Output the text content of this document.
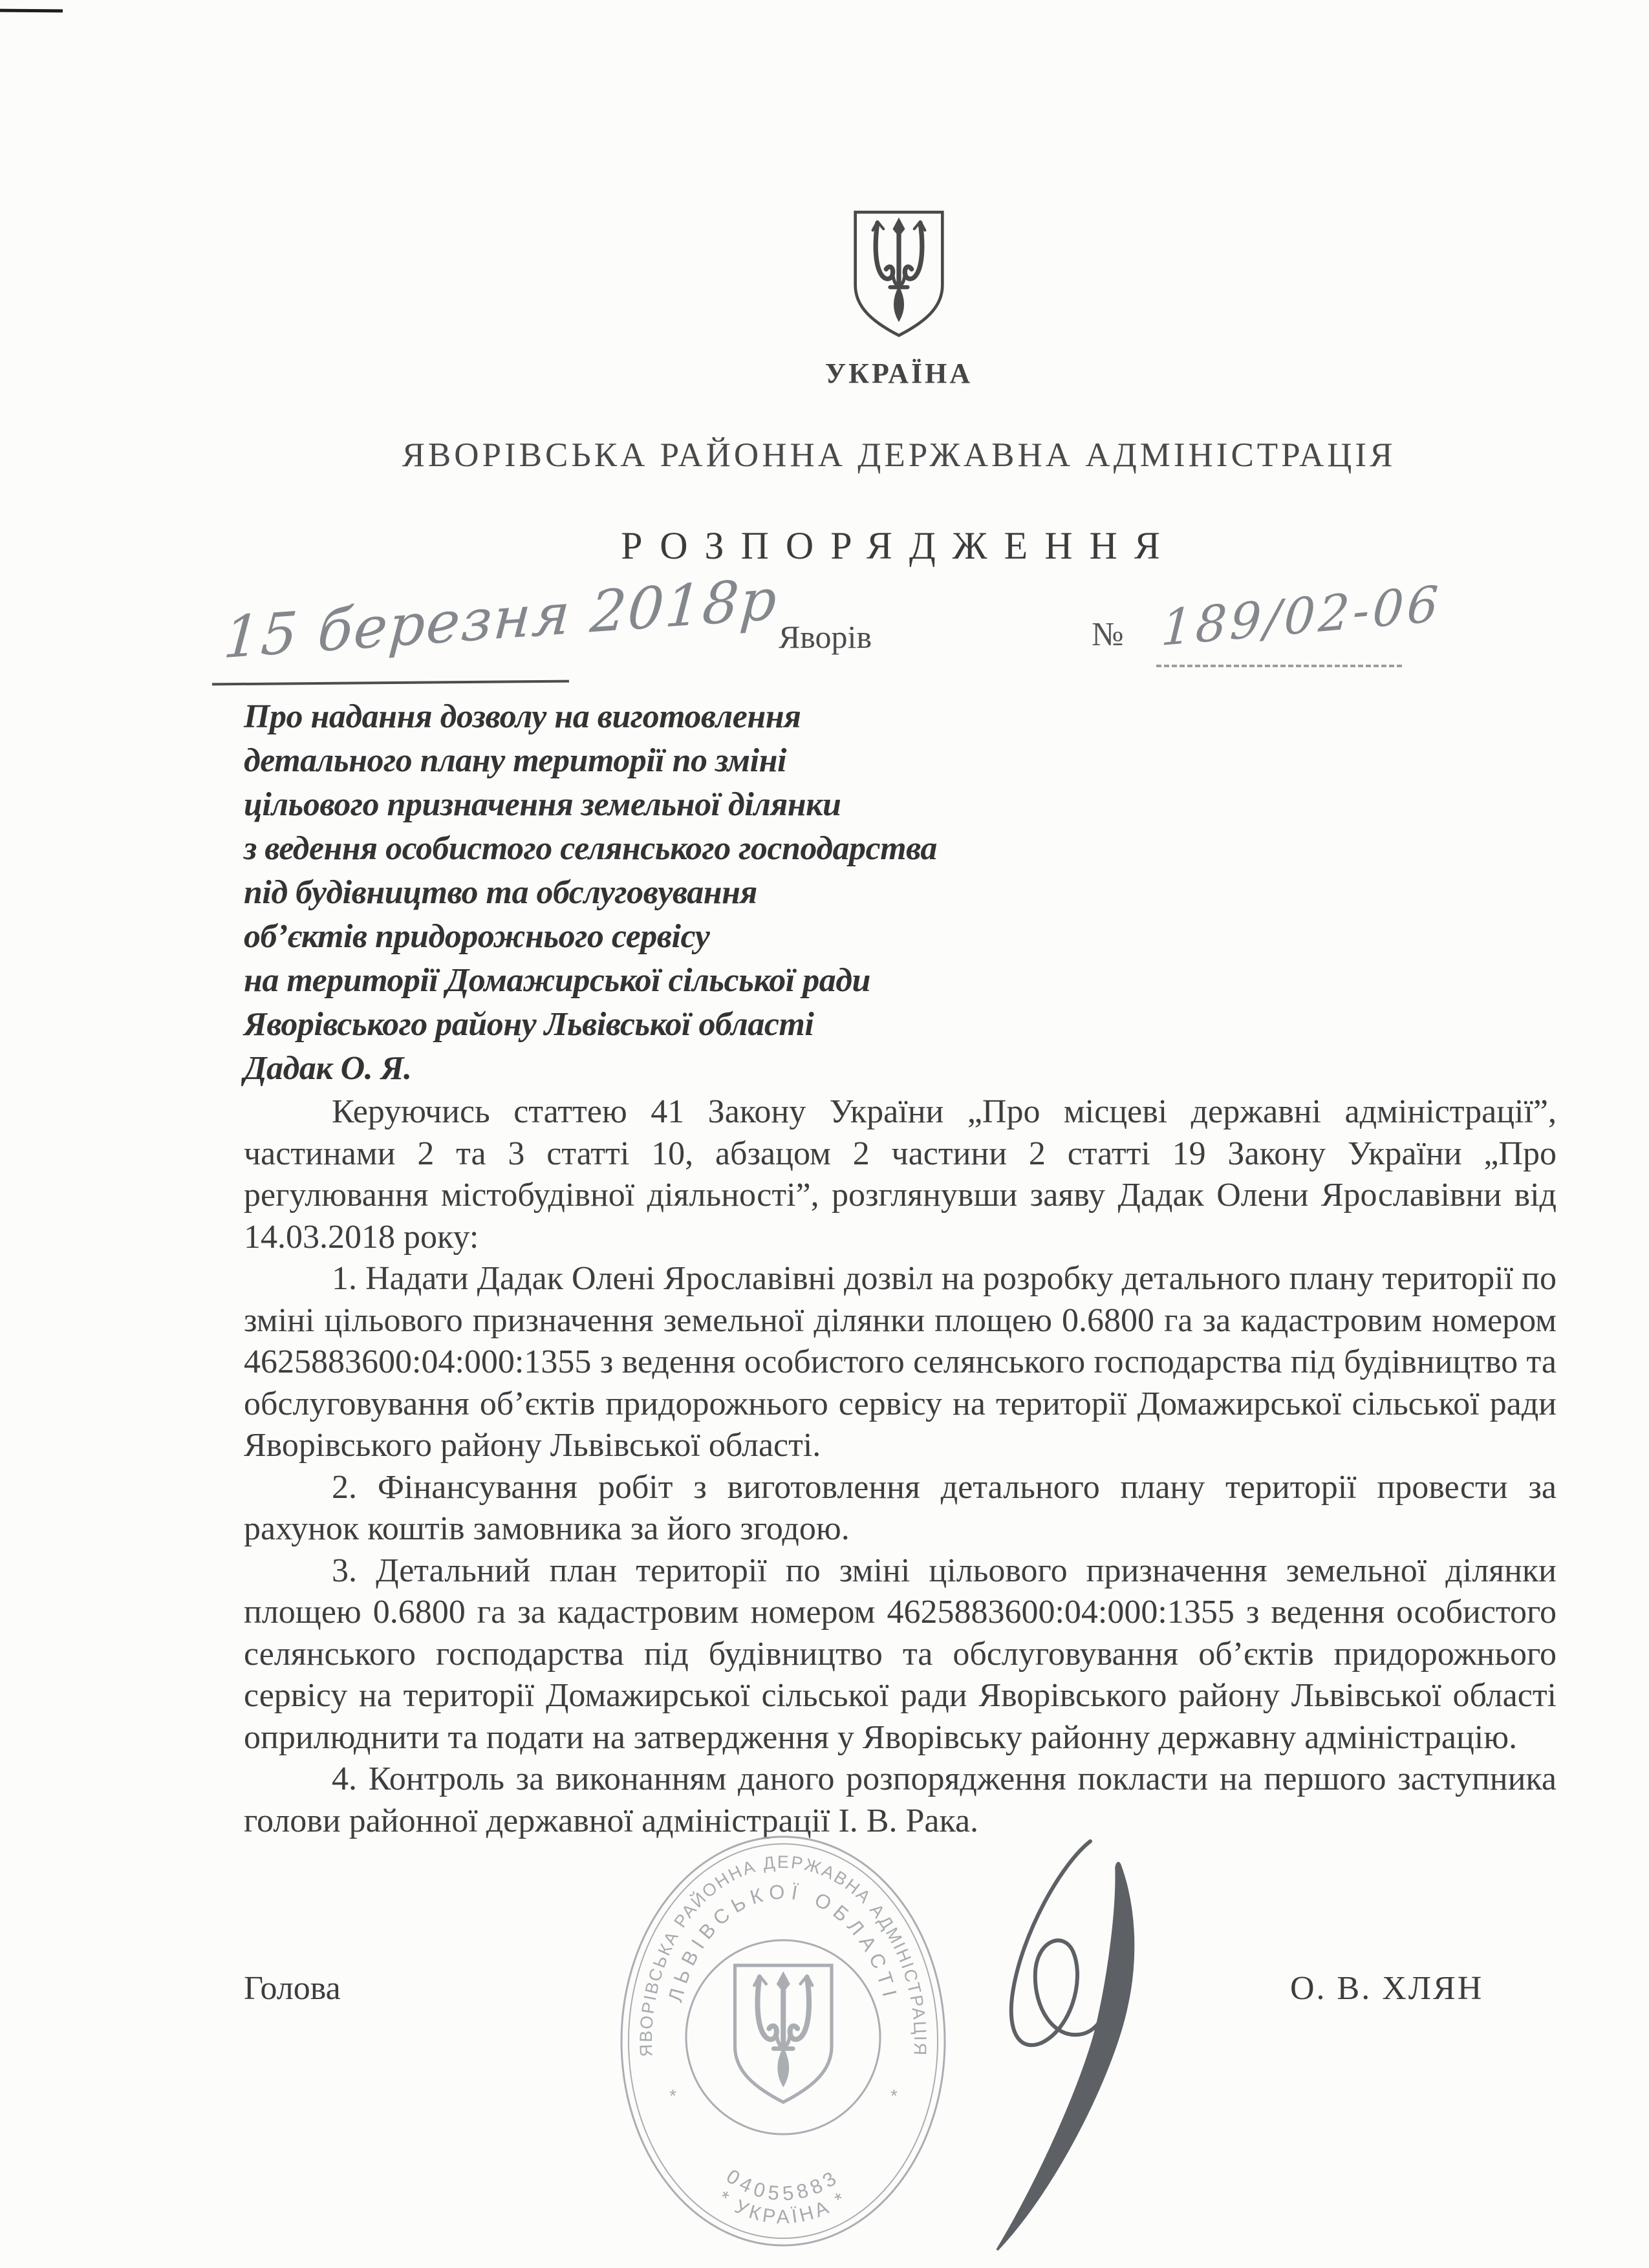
УКРАЇНА
ЯВОРІВСЬКА РАЙОННА ДЕРЖАВНА АДМІНІСТРАЦІЯ
РОЗПОРЯДЖЕННЯ
15 березня 2018р
Яворів	№ 189/02-06
Про надання дозволу на виготовлення
детального плану території по зміні
цільового призначення земельної ділянки
з ведення особистого селянського господарства
під будівництво та обслуговування
об’єктів придорожнього сервісу
на території Домажирської сільської ради
Яворівського району Львівської області
Дадак О. Я.

Керуючись статтею 41 Закону України „Про місцеві державні адміністрації”, частинами 2 та 3 статті 10, абзацом 2 частини 2 статті 19 Закону України „Про регулювання містобудівної діяльності”, розглянувши заяву Дадак Олени Ярославівни від 14.03.2018 року:

1. Надати Дадак Олені Ярославівні дозвіл на розробку детального плану території по зміні цільового призначення земельної ділянки площею 0.6800 га за кадастровим номером 4625883600:04:000:1355 з ведення особистого селянського господарства під будівництво та обслуговування об’єктів придорожнього сервісу на території Домажирської сільської ради Яворівського району Львівської області.

2. Фінансування робіт з виготовлення детального плану території провести за рахунок коштів замовника за його згодою.

3. Детальний план території по зміні цільового призначення земельної ділянки площею 0.6800 га за кадастровим номером 4625883600:04:000:1355 з ведення особистого селянського господарства під будівництво та обслуговування об’єктів придорожнього сервісу на території Домажирської сільської ради Яворівського району Львівської області оприлюднити та подати на затвердження у Яворівську районну державну адміністрацію.

4. Контроль за виконанням даного розпорядження покласти на першого заступника голови районної державної адміністрації І. В. Рака.

ЯВОРІВСЬКА РАЙОННА ДЕРЖАВНА АДМІНІСТРАЦІЯ
ЛЬВІВСЬКОЇ ОБЛАСТІ
04055883
* УКРАЇНА *
*	*
Голова	О. В. ХЛЯН
